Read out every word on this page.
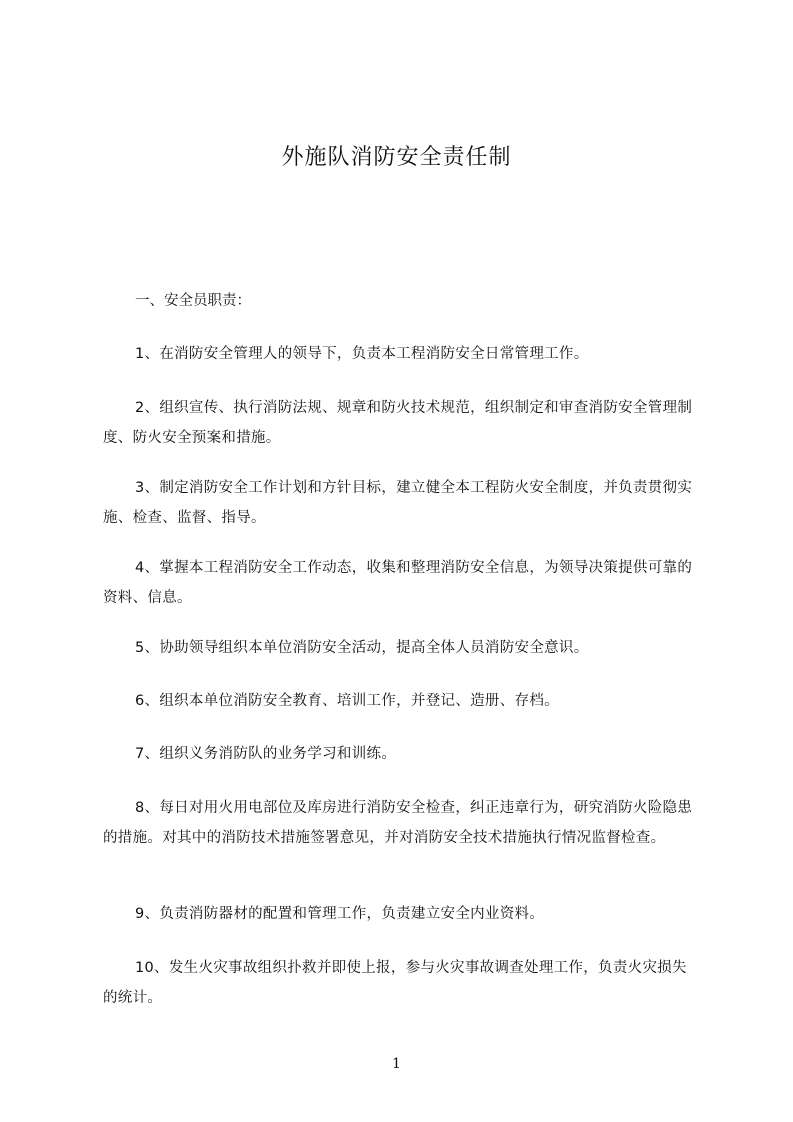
外施队消防安全责任制
一、安全员职责：
1、在消防安全管理人的领导下，负责本工程消防安全日常管理工作。
2、组织宣传、执行消防法规、规章和防火技术规范，组织制定和审查消防安全管理制度、防火安全预案和措施。
3、制定消防安全工作计划和方针目标，建立健全本工程防火安全制度，并负责贯彻实施、检查、监督、指导。
4、掌握本工程消防安全工作动态，收集和整理消防安全信息，为领导决策提供可靠的资料、信息。
5、协助领导组织本单位消防安全活动，提高全体人员消防安全意识。
6、组织本单位消防安全教育、培训工作，并登记、造册、存档。
7、组织义务消防队的业务学习和训练。
8、每日对用火用电部位及库房进行消防安全检查，纠正违章行为，研究消防火险隐患的措施。对其中的消防技术措施签署意见，并对消防安全技术措施执行情况监督检查。
9、负责消防器材的配置和管理工作，负责建立安全内业资料。
10、发生火灾事故组织扑救并即使上报，参与火灾事故调查处理工作，负责火灾损失的统计。
1
